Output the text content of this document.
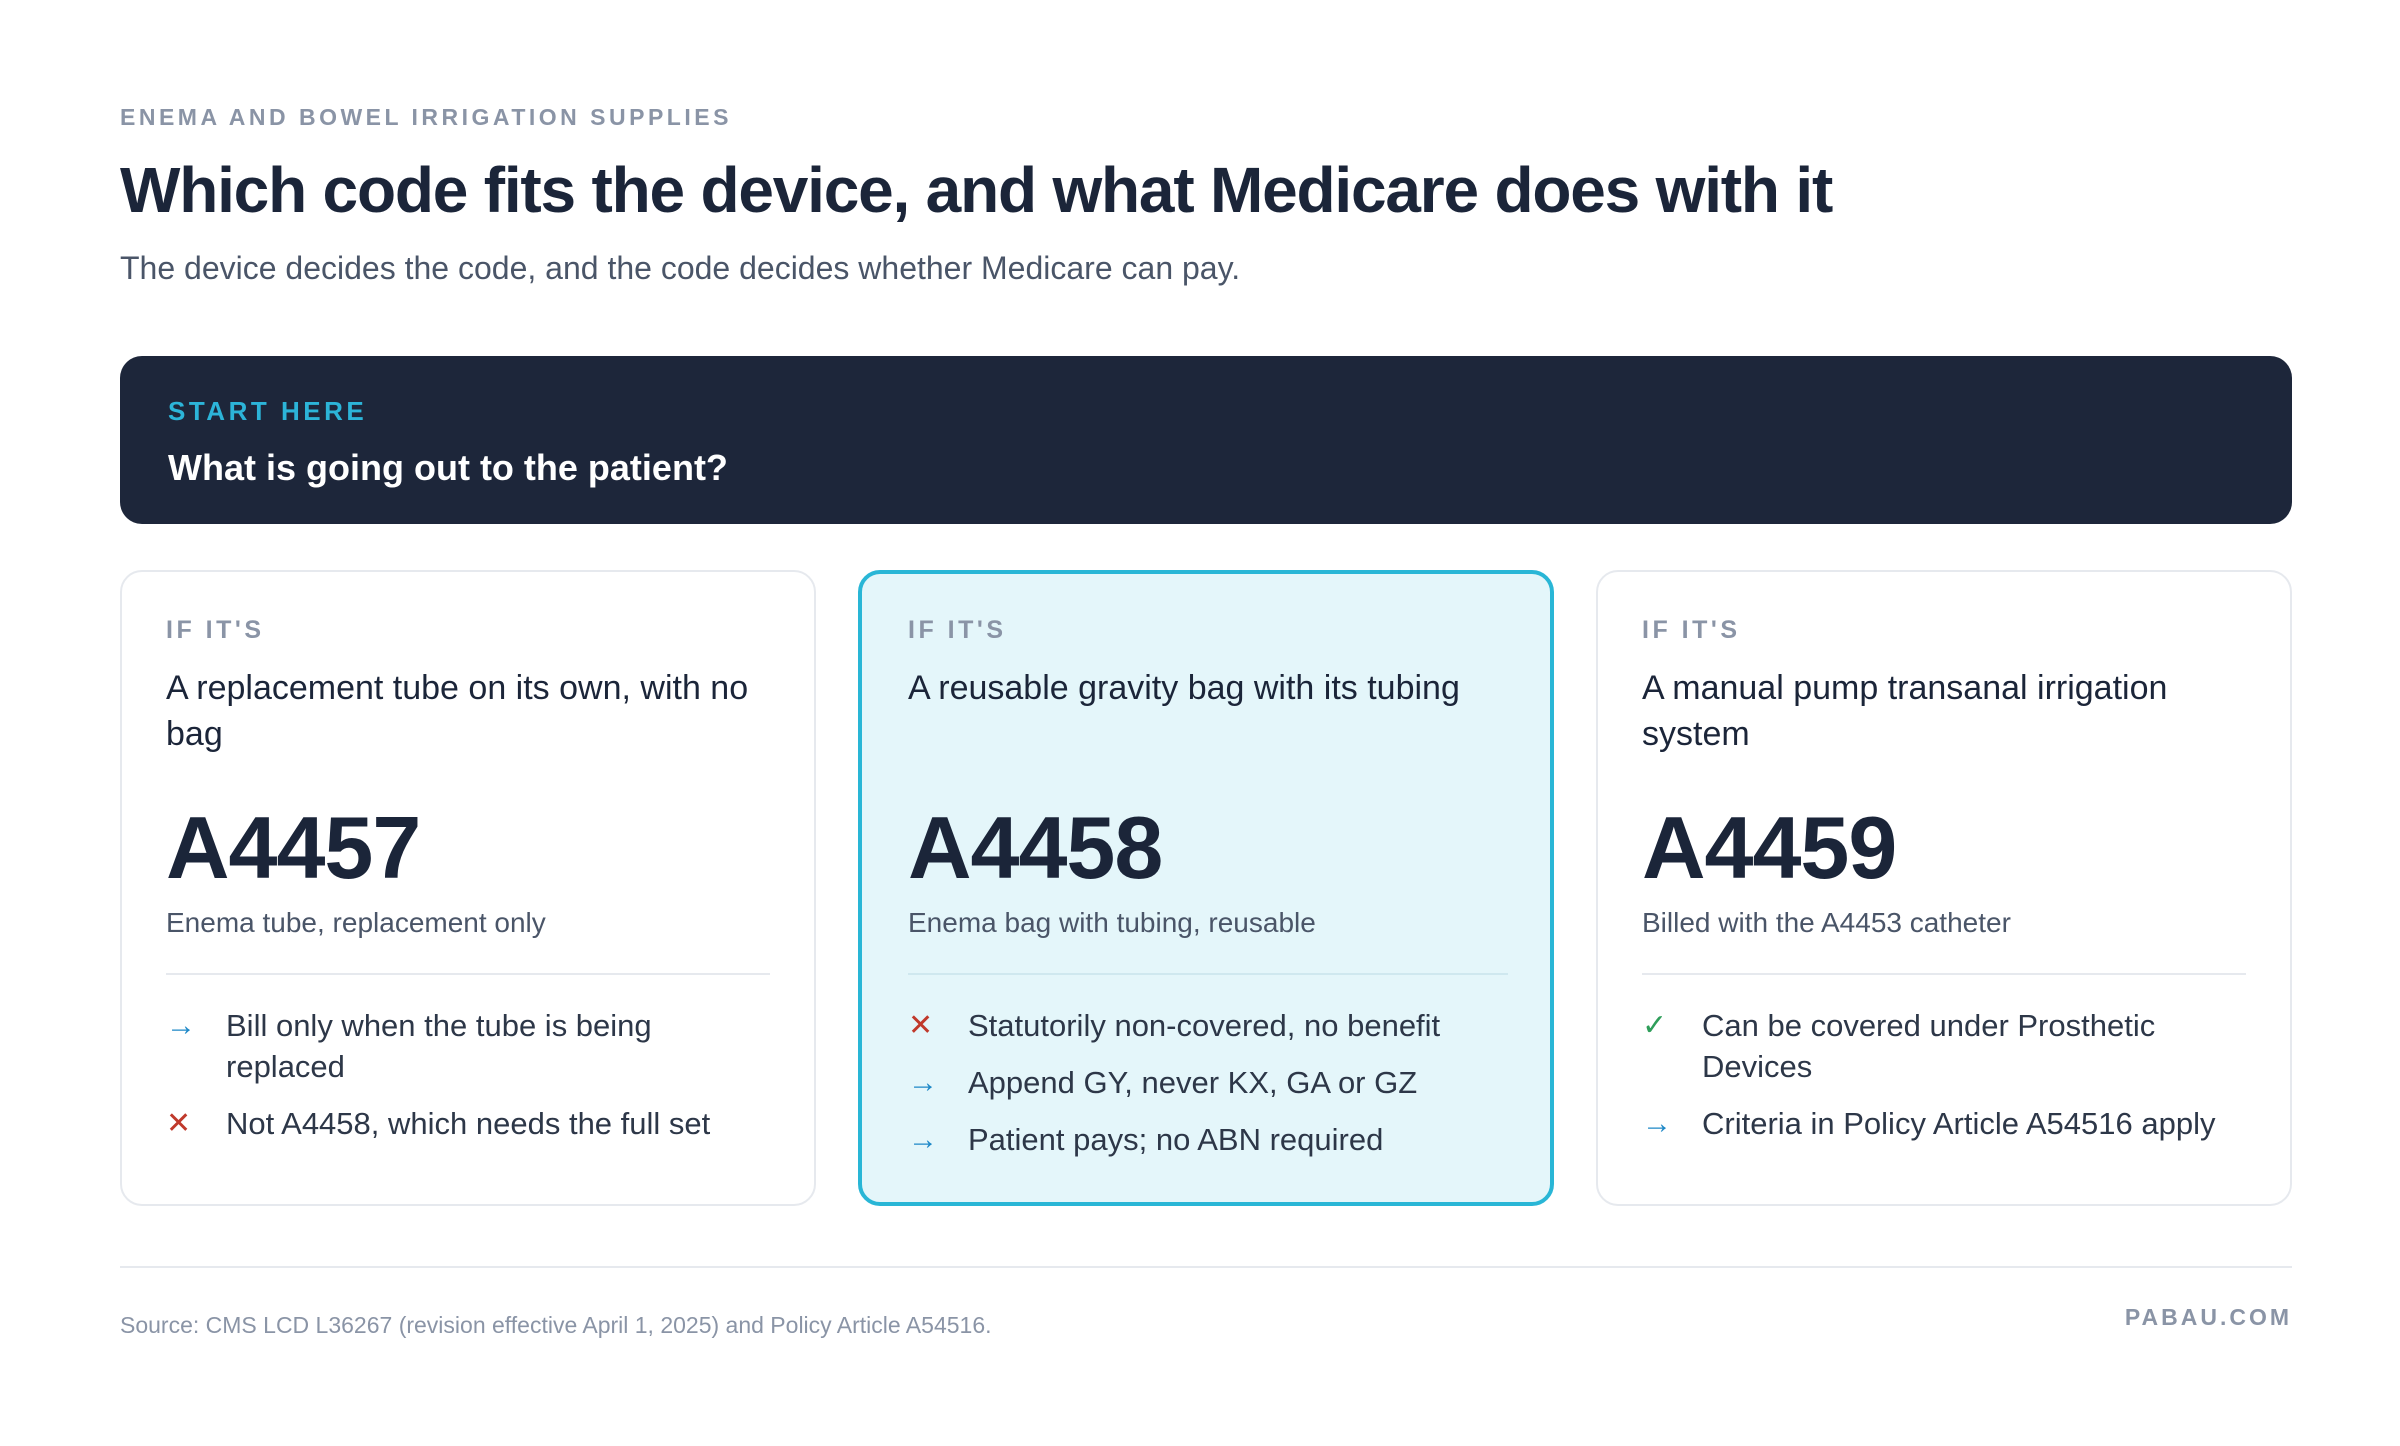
ENEMA AND BOWEL IRRIGATION SUPPLIES
Which code fits the device, and what Medicare does with it
The device decides the code, and the code decides whether Medicare can pay.
START HERE
What is going out to the patient?
IF IT'S
A replacement tube on its own, with no bag
A4457
Enema tube, replacement only
→ Bill only when the tube is being replaced
✕	Not A4458, which needs the full set
IF IT'S
A reusable gravity bag with its tubing
A4458
Enema bag with tubing, reusable
✕	Statutorily non-covered, no benefit
→ Append GY, never KX, GA or GZ
→ Patient pays; no ABN required
IF IT'S
A manual pump transanal irrigation system
A4459
Billed with the A4453 catheter
✓	Can be covered under Prosthetic Devices
→ Criteria in Policy Article A54516 apply
Source: CMS LCD L36267 (revision effective April 1, 2025) and Policy Article A54516.	PABAU.COM
